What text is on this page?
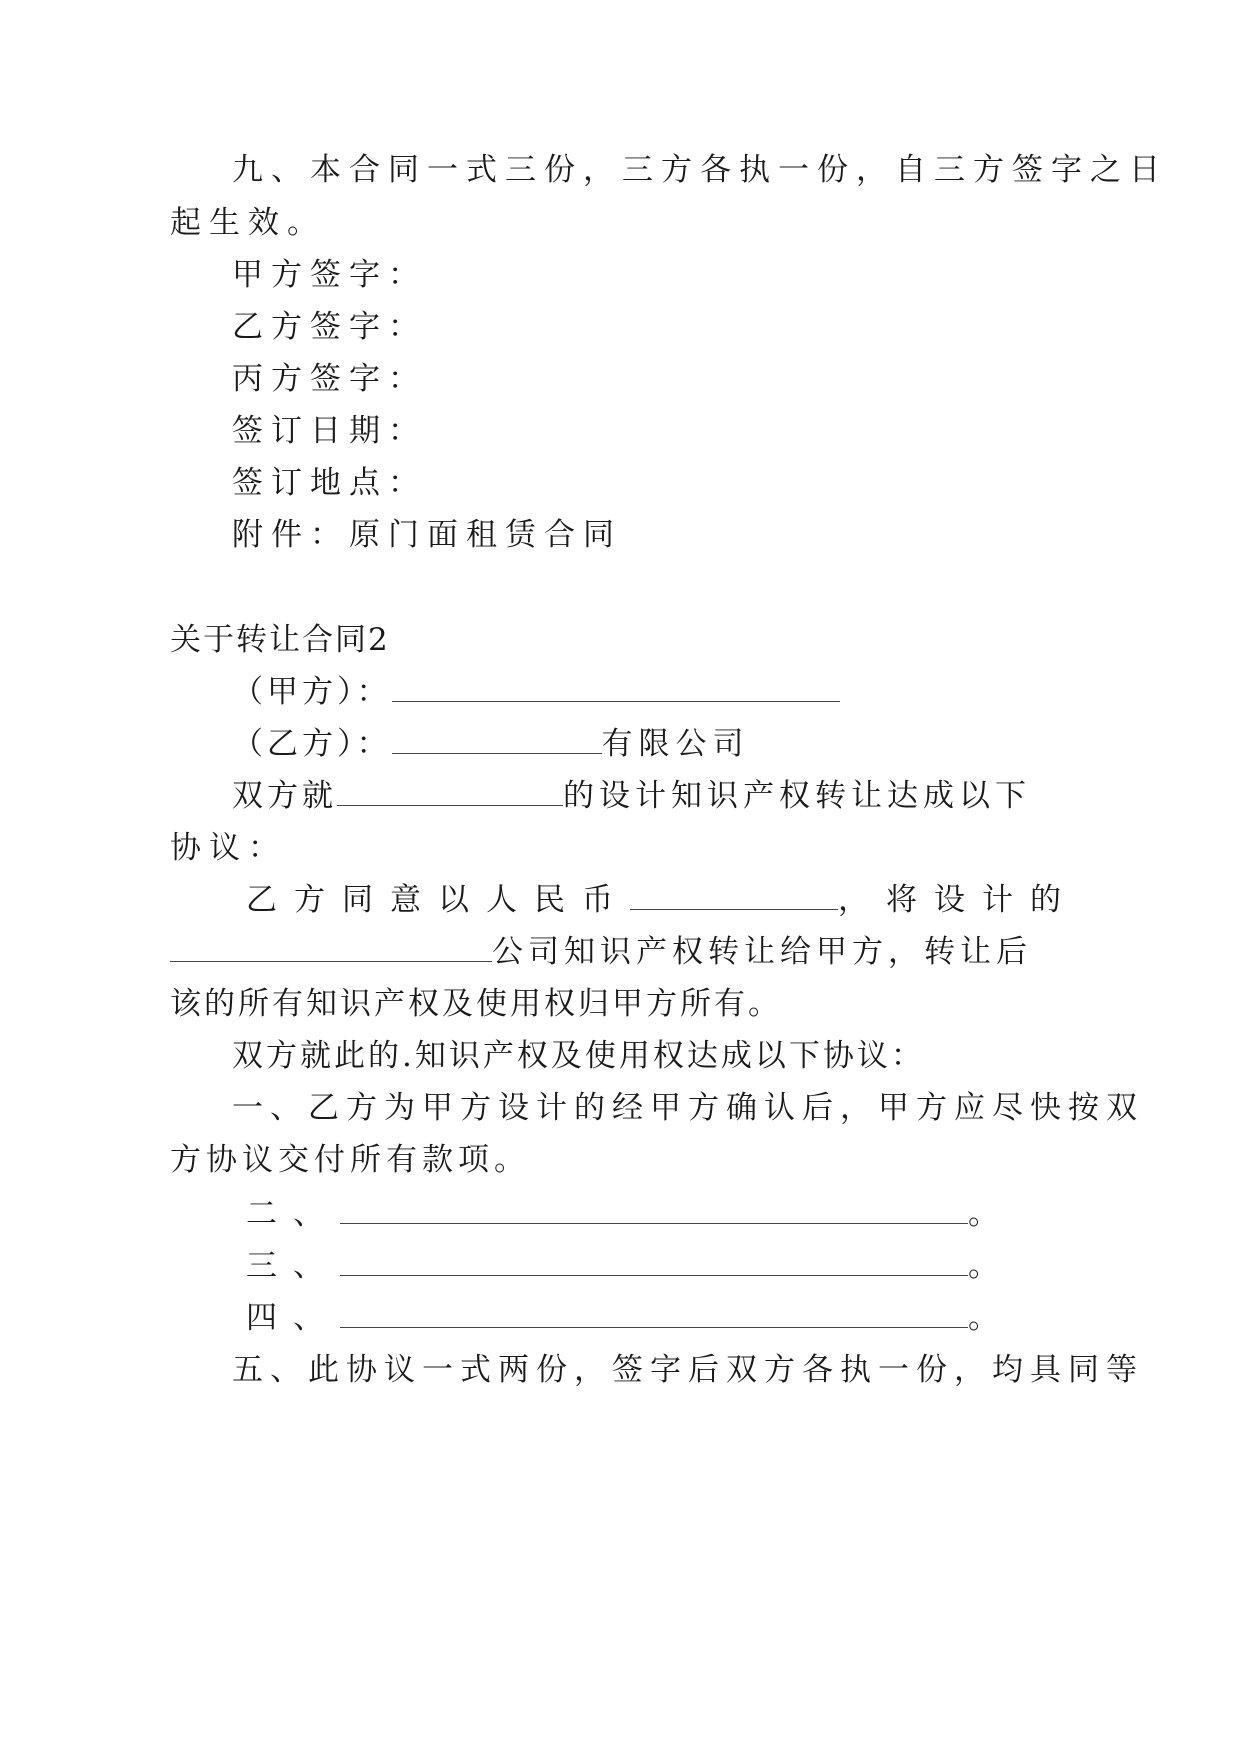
九、本合同一式三份，三方各执一份，自三方签字之日
起生效。
甲方签字：
乙方签字：
丙方签字：
签订日期：
签订地点：
附件：原门面租赁合同
关于转让合同2
（甲方）：
（乙方）：	有限公司
双方就	的设计知识产权转让达成以下
协议：
乙方同意以人民币	，将设计的
公司知识产权转让给甲方，转让后
该的所有知识产权及使用权归甲方所有。
双方就此的.知识产权及使用权达成以下协议：
一、乙方为甲方设计的经甲方确认后，甲方应尽快按双
方协议交付所有款项。
二、	。
三、	。
四、	。
五、此协议一式两份，签字后双方各执一份，均具同等
